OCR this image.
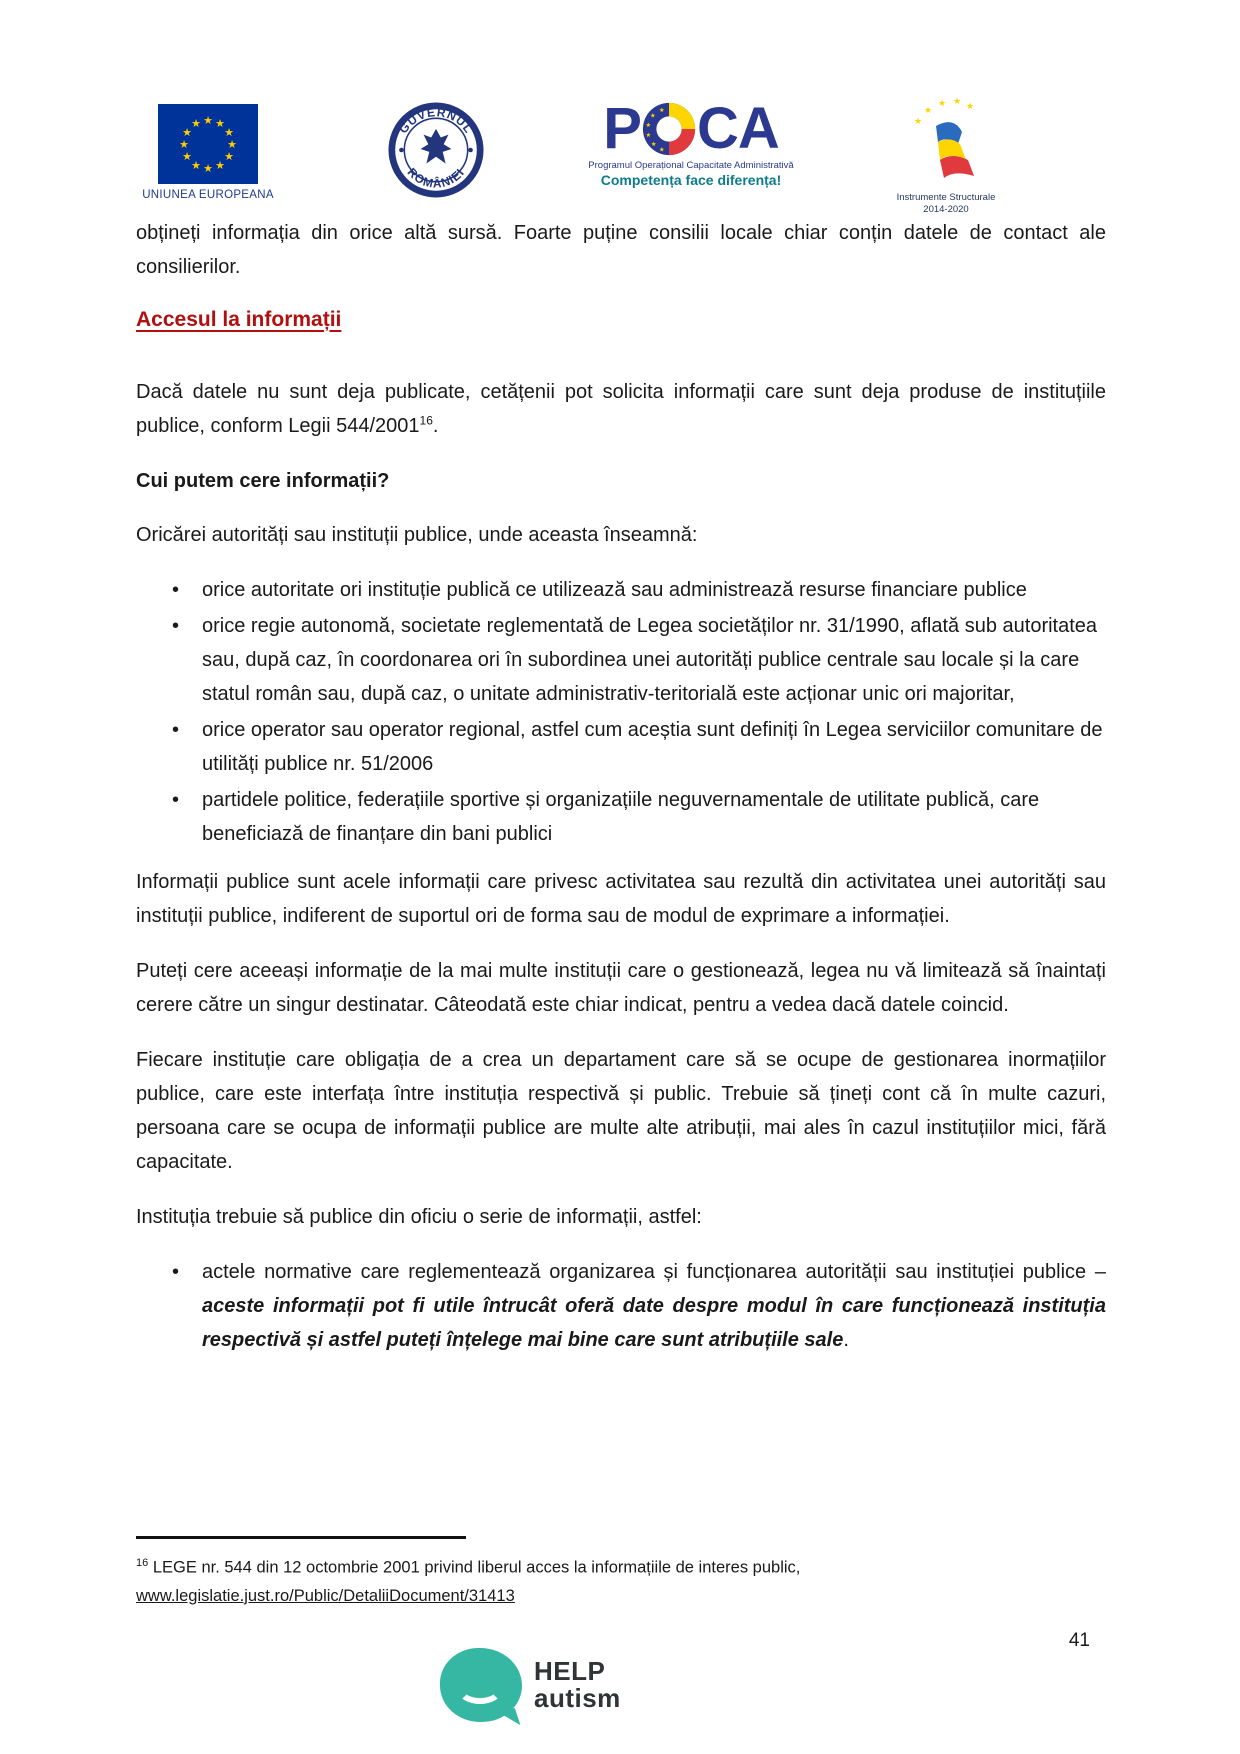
★ ★
★
★
★
★
★
★
★
★
★
★
UNIUNEA EUROPEANA
GUVERNUL
ROMÂNIEI
P ★
★
★
★
★
★ CA
Programul Operațional Capacitate Administrativă
Competența face diferența!
★
★
★ ★ ★
Instrumente Structurale
2014-2020

obțineți informația din orice altă sursă. Foarte puține consilii locale chiar conțin datele de contact ale consilierilor.

Accesul la informații

Dacă datele nu sunt deja publicate, cetățenii pot solicita informații care sunt deja produse de instituțiile publice, conform Legii 544/2001$^{16}$.

Cui putem cere informații?

Oricărei autorități sau instituții publice, unde aceasta înseamnă:

• orice autoritate ori instituție publică ce utilizează sau administrează resurse financiare publice
• orice regie autonomă, societate reglementată de Legea societăților nr. 31/1990, aflată sub autoritatea sau, după caz, în coordonarea ori în subordinea unei autorități publice centrale sau locale și la care statul român sau, după caz, o unitate administrativ-teritorială este acționar unic ori majoritar,
• orice operator sau operator regional, astfel cum aceștia sunt definiți în Legea serviciilor comunitare de utilități publice nr. 51/2006
• partidele politice, federațiile sportive și organizațiile neguvernamentale de utilitate publică, care beneficiază de finanțare din bani publici

Informații publice sunt acele informații care privesc activitatea sau rezultă din activitatea unei autorități sau instituții publice, indiferent de suportul ori de forma sau de modul de exprimare a informației.

Puteți cere aceeași informație de la mai multe instituții care o gestionează, legea nu vă limitează să înaintați cerere către un singur destinatar. Câteodată este chiar indicat, pentru a vedea dacă datele coincid.

Fiecare instituție care obligația de a crea un departament care să se ocupe de gestionarea inormațiilor publice, care este interfața între instituția respectivă și public. Trebuie să țineți cont că în multe cazuri, persoana care se ocupa de informații publice are multe alte atribuții, mai ales în cazul instituțiilor mici, fără capacitate.

Instituția trebuie să publice din oficiu o serie de informații, astfel:

• actele normative care reglementează organizarea și funcționarea autorității sau instituției publice – aceste informații pot fi utile întrucât oferă date despre modul în care funcționează instituția respectivă și astfel puteți înțelege mai bine care sunt atribuțiile sale.

$^{16}$ LEGE nr. 544 din 12 octombrie 2001 privind liberul acces la informațiile de interes public,
www.legislatie.just.ro/Public/DetaliiDocument/31413

41
HELP
autism
